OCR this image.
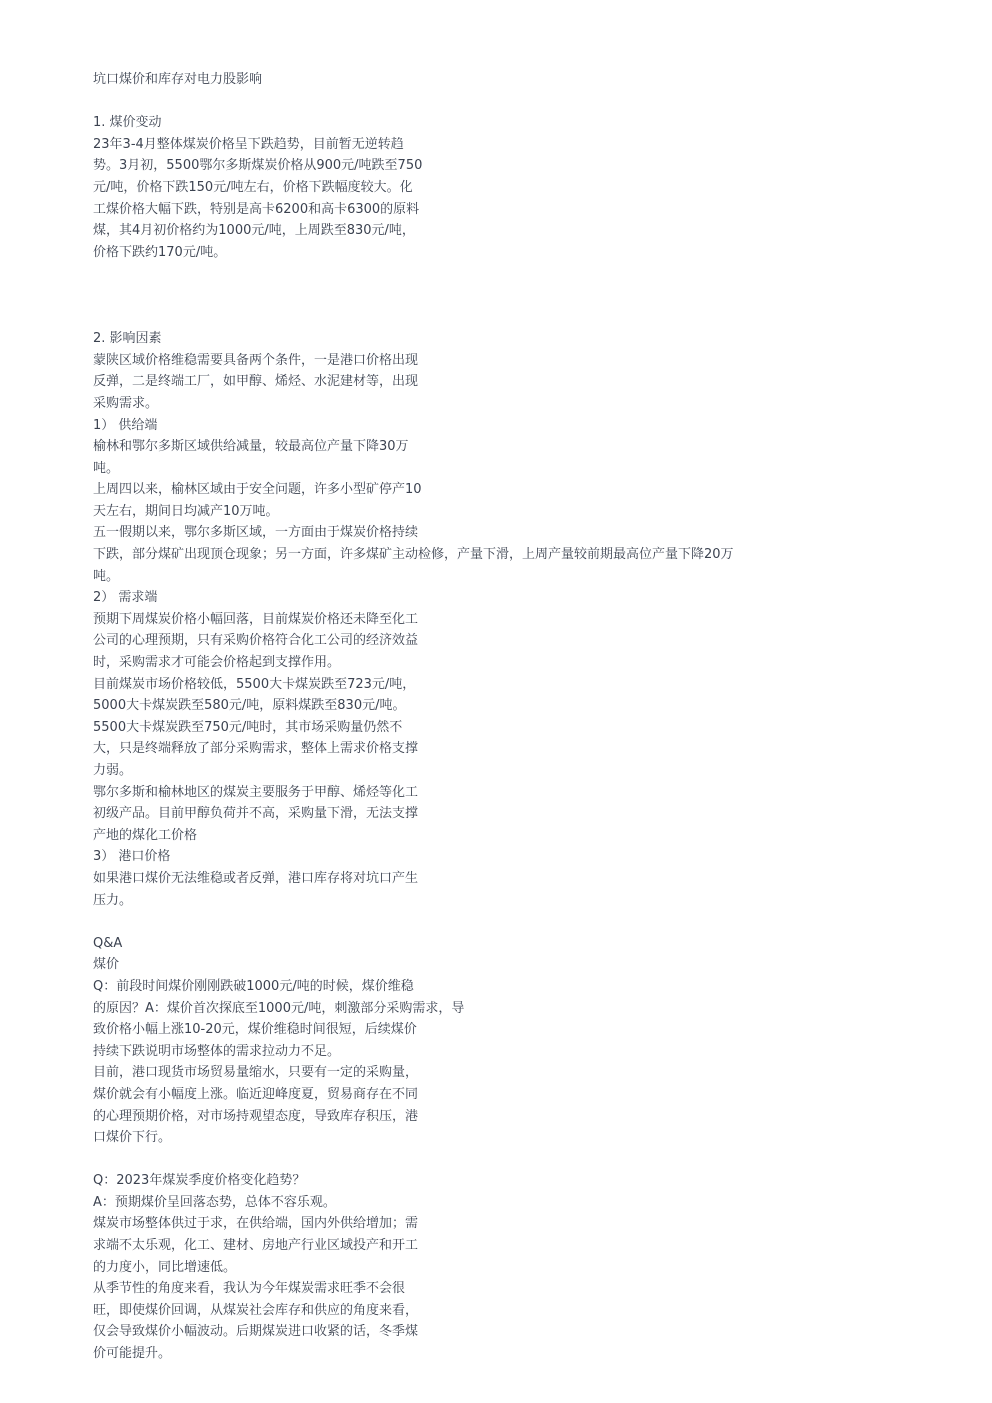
坑口煤价和库存对电力股影响
1. 煤价变动
23年3-4月整体煤炭价格呈下跌趋势，目前暂无逆转趋
势。3月初，5500鄂尔多斯煤炭价格从900元/吨跌至750
元/吨，价格下跌150元/吨左右，价格下跌幅度较大。化
工煤价格大幅下跌，特别是高卡6200和高卡6300的原料
煤，其4月初价格约为1000元/吨，上周跌至830元/吨，
价格下跌约170元/吨。
2. 影响因素
蒙陕区域价格维稳需要具备两个条件，一是港口价格出现
反弹，二是终端工厂，如甲醇、烯烃、水泥建材等，出现
采购需求。
1） 供给端
榆林和鄂尔多斯区域供给减量，较最高位产量下降30万
吨。
上周四以来，榆林区域由于安全问题，许多小型矿停产10
天左右，期间日均减产10万吨。
五一假期以来，鄂尔多斯区域，一方面由于煤炭价格持续
下跌，部分煤矿出现顶仓现象；另一方面，许多煤矿主动检修，产量下滑，上周产量较前期最高位产量下降20万
吨。
2） 需求端
预期下周煤炭价格小幅回落，目前煤炭价格还未降至化工
公司的心理预期，只有采购价格符合化工公司的经济效益
时，采购需求才可能会价格起到支撑作用。
目前煤炭市场价格较低，5500大卡煤炭跌至723元/吨，
5000大卡煤炭跌至580元/吨，原料煤跌至830元/吨。
5500大卡煤炭跌至750元/吨时，其市场采购量仍然不
大，只是终端释放了部分采购需求，整体上需求价格支撑
力弱。
鄂尔多斯和榆林地区的煤炭主要服务于甲醇、烯烃等化工
初级产品。目前甲醇负荷并不高，采购量下滑，无法支撑
产地的煤化工价格
3） 港口价格
如果港口煤价无法维稳或者反弹，港口库存将对坑口产生
压力。
Q&A
煤价
Q：前段时间煤价刚刚跌破1000元/吨的时候，煤价维稳
的原因？A：煤价首次探底至1000元/吨，刺激部分采购需求，导
致价格小幅上涨10-20元，煤价维稳时间很短，后续煤价
持续下跌说明市场整体的需求拉动力不足。
目前，港口现货市场贸易量缩水，只要有一定的采购量，
煤价就会有小幅度上涨。临近迎峰度夏，贸易商存在不同
的心理预期价格，对市场持观望态度，导致库存积压，港
口煤价下行。
Q：2023年煤炭季度价格变化趋势？
A：预期煤价呈回落态势，总体不容乐观。
煤炭市场整体供过于求，在供给端，国内外供给增加；需
求端不太乐观，化工、建材、房地产行业区域投产和开工
的力度小，同比增速低。
从季节性的角度来看，我认为今年煤炭需求旺季不会很
旺，即使煤价回调，从煤炭社会库存和供应的角度来看，
仅会导致煤价小幅波动。后期煤炭进口收紧的话，冬季煤
价可能提升。
